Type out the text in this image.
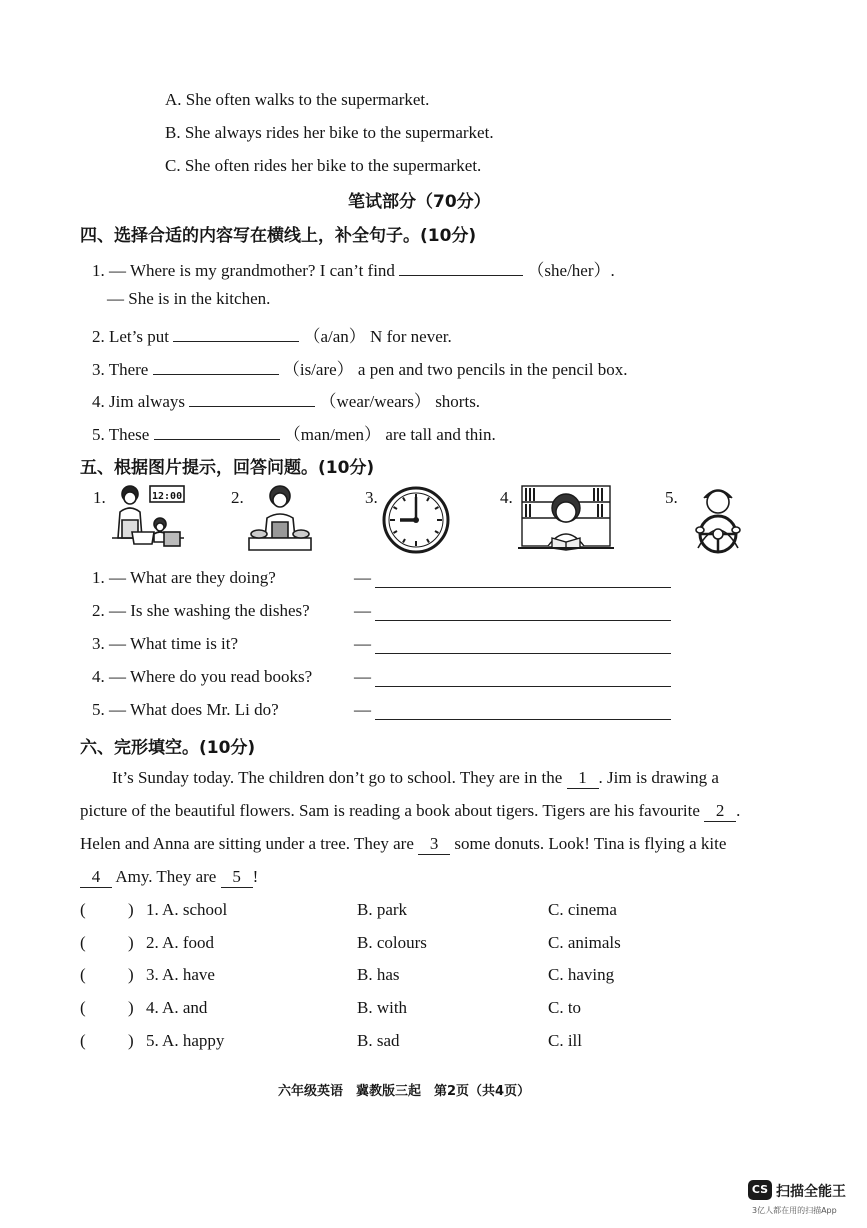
A. She often walks to the supermarket.
B. She always rides her bike to the supermarket.
C. She often rides her bike to the supermarket.
笔试部分（70分）
四、选择合适的内容写在横线上，补全句子。(10分)
1. — Where is my grandmother? I can’t find	（she/her）.
— She is in the kitchen.
2. Let’s put	（a/an） N for never.
3. There	（is/are） a pen and two pencils in the pencil box.
4. Jim always	（wear/wears） shorts.
5. These	（man/men） are tall and thin.
五、根据图片提示，回答问题。(10分)
1.	2.	3.	4.	5.
12:00
1. — What are they doing?	—
2. — Is she washing the dishes?	—
3. — What time is it?	—
4. — Where do you read books? —
5. — What does Mr. Li do?	—
六、完形填空。(10分)
It’s Sunday today. The children don’t go to school. They are in the 1 . Jim is drawing a
picture of the beautiful flowers. Sam is reading a book about tigers. Tigers are his favourite 2 .
Helen and Anna are sitting under a tree. They are 3 some donuts. Look! Tina is flying a kite
4 Amy. They are 5 !
( ) 1. A. school	B. park	C. cinema
( ) 2. A. food	B. colours	C. animals
( ) 3. A. have	B. has	C. having
( ) 4. A. and	B. with	C. to
( ) 5. A. happy	B. sad	C. ill
六年级英语　冀教版三起　第2页（共4页）
CS 扫描全能王
3亿人都在用的扫描App
